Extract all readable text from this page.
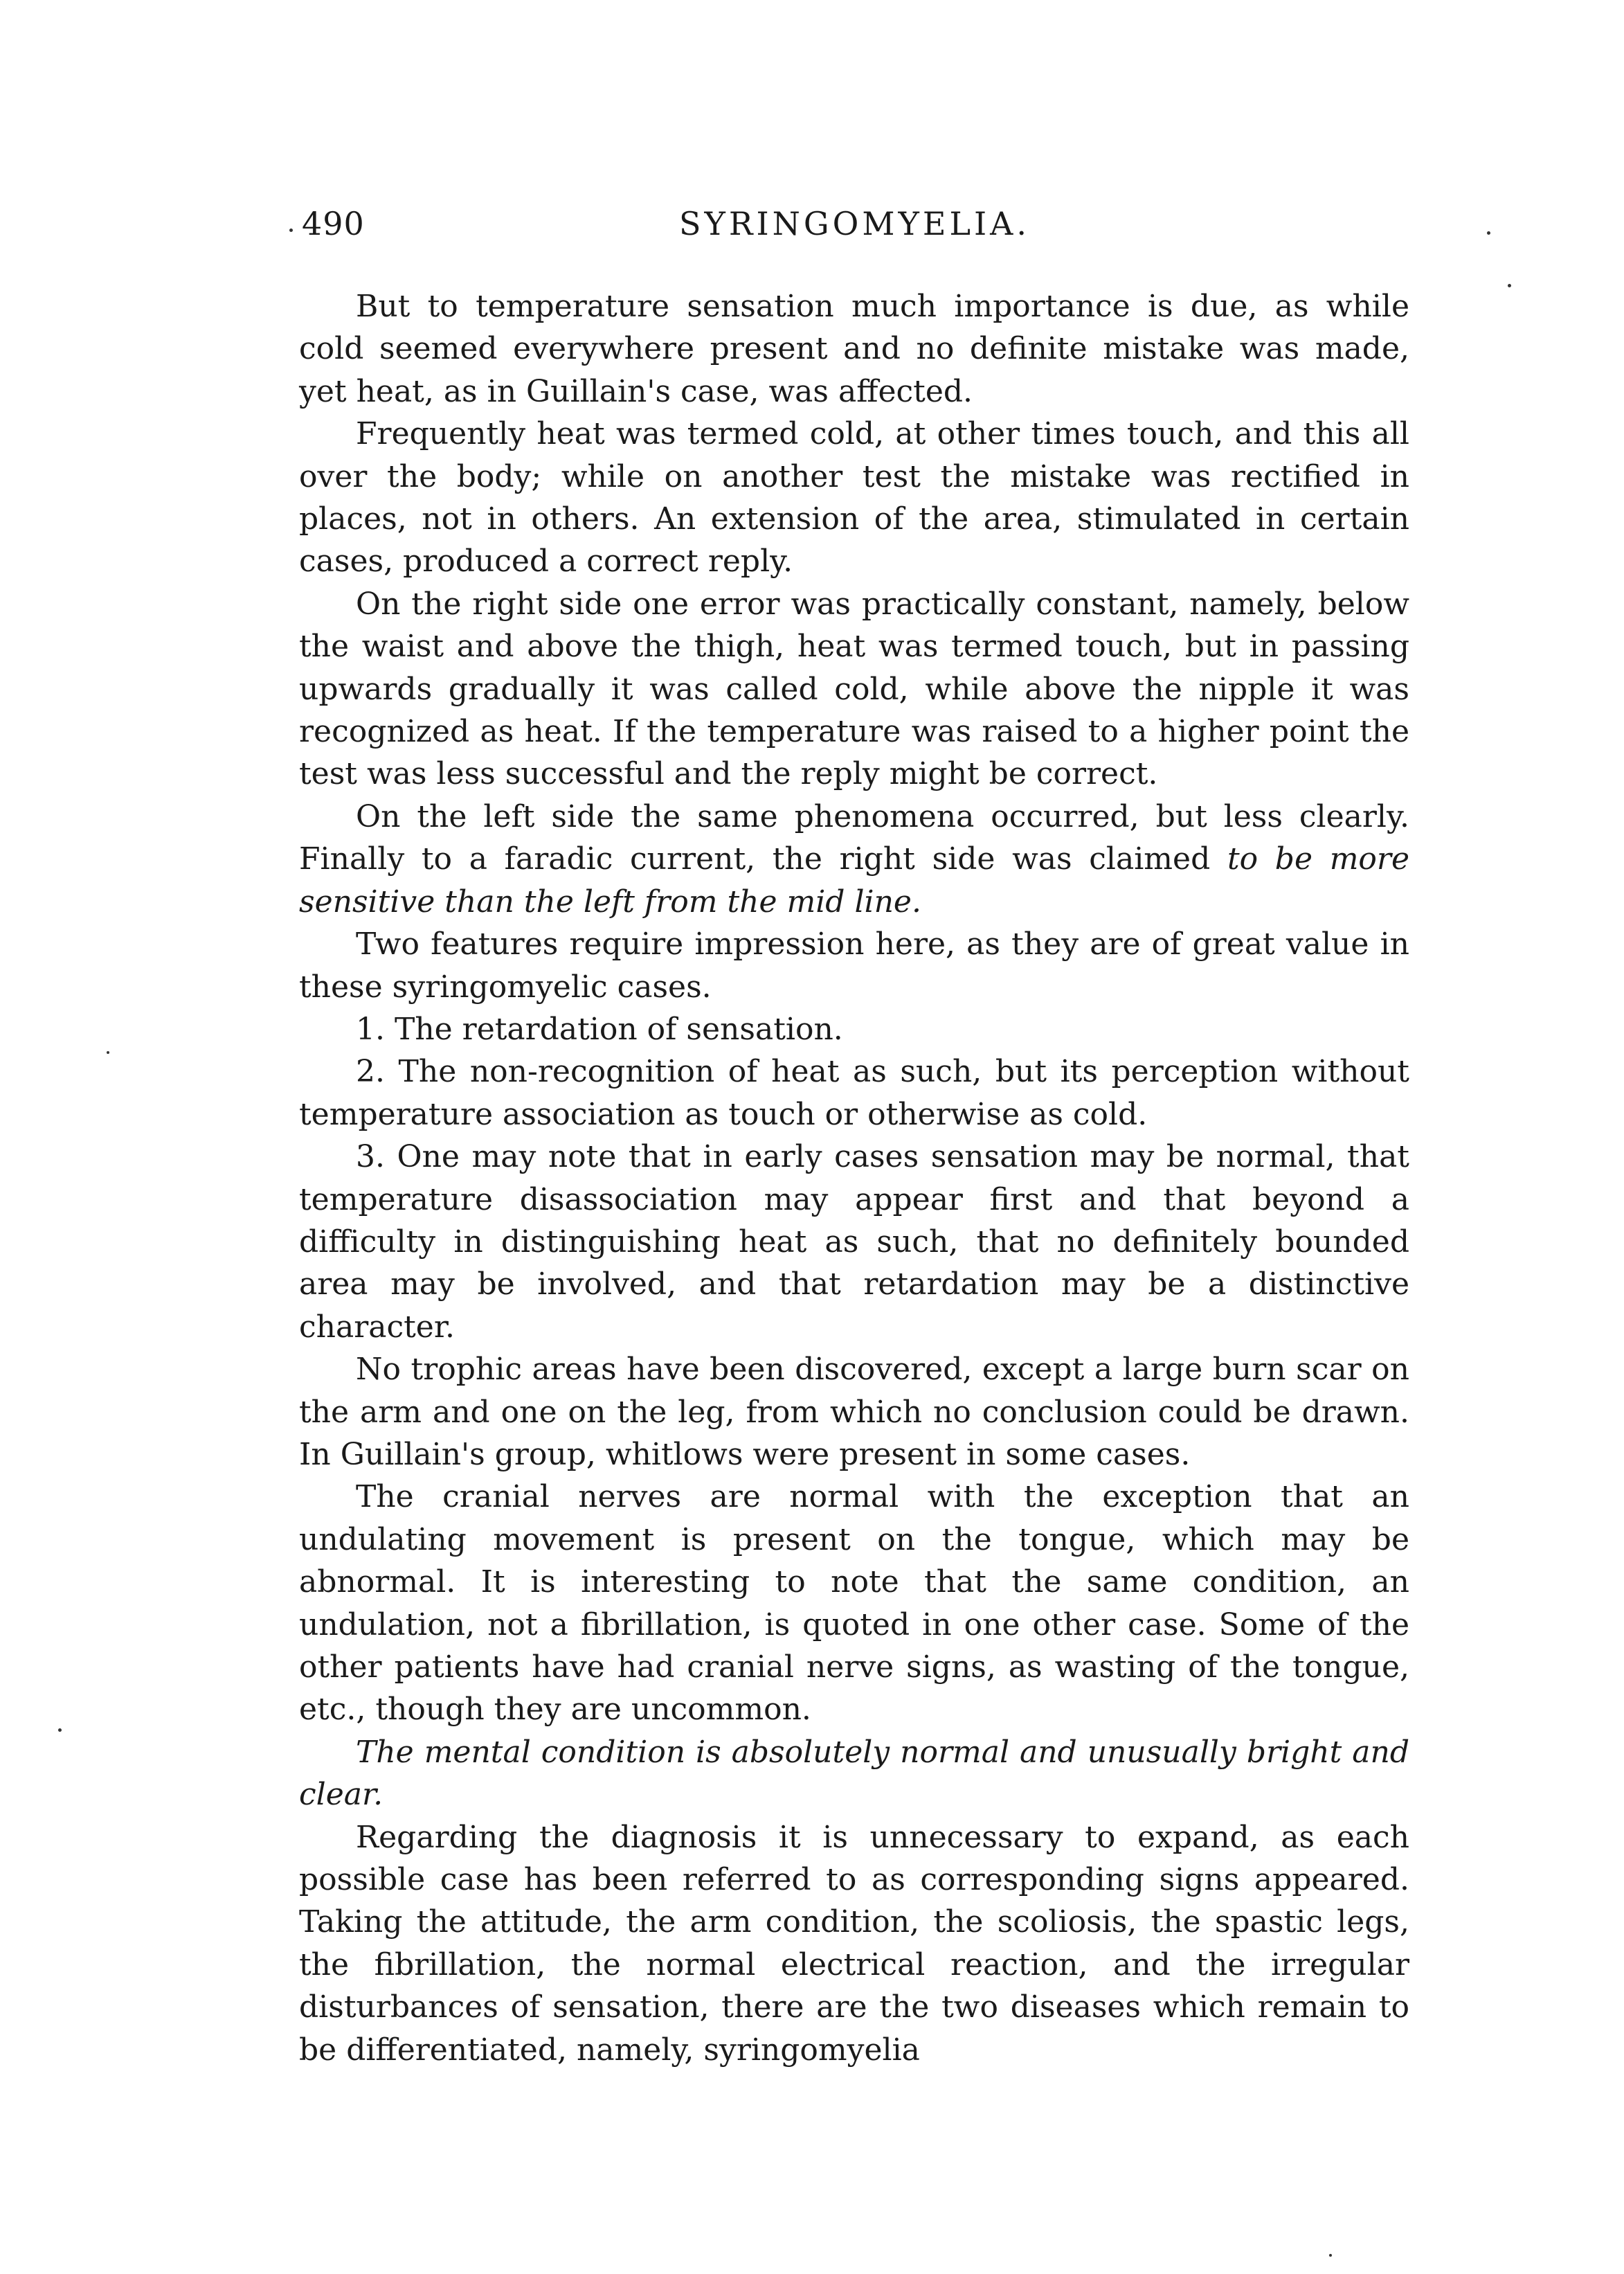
490	SYRINGOMYELIA.

But to temperature sensation much importance is due, as while cold seemed everywhere present and no definite mistake was made, yet heat, as in Guillain's case, was affected.

Frequently heat was termed cold, at other times touch, and this all over the body; while on another test the mistake was rectified in places, not in others. An extension of the area, stimulated in certain cases, produced a correct reply.

On the right side one error was practically constant, namely, below the waist and above the thigh, heat was termed touch, but in passing upwards gradually it was called cold, while above the nipple it was recognized as heat. If the temperature was raised to a higher point the test was less successful and the reply might be correct.

On the left side the same phenomena occurred, but less clearly. Finally to a faradic current, the right side was claimed to be more sensitive than the left from the mid line.

Two features require impression here, as they are of great value in these syringomyelic cases.

1. The retardation of sensation.

2. The non-recognition of heat as such, but its perception without temperature association as touch or otherwise as cold.

3. One may note that in early cases sensation may be normal, that temperature disassociation may appear first and that beyond a difficulty in distinguishing heat as such, that no definitely bounded area may be involved, and that retardation may be a distinctive character.

No trophic areas have been discovered, except a large burn scar on the arm and one on the leg, from which no conclusion could be drawn. In Guillain's group, whitlows were present in some cases.

The cranial nerves are normal with the exception that an undulating movement is present on the tongue, which may be abnormal. It is interesting to note that the same condition, an undulation, not a fibrillation, is quoted in one other case. Some of the other patients have had cranial nerve signs, as wasting of the tongue, etc., though they are uncommon.

The mental condition is absolutely normal and unusually bright and clear.

Regarding the diagnosis it is unnecessary to expand, as each possible case has been referred to as corresponding signs appeared. Taking the attitude, the arm condition, the scoliosis, the spastic legs, the fibrillation, the normal electrical reaction, and the irregular disturbances of sensation, there are the two diseases which remain to be differentiated, namely, syringomyelia
